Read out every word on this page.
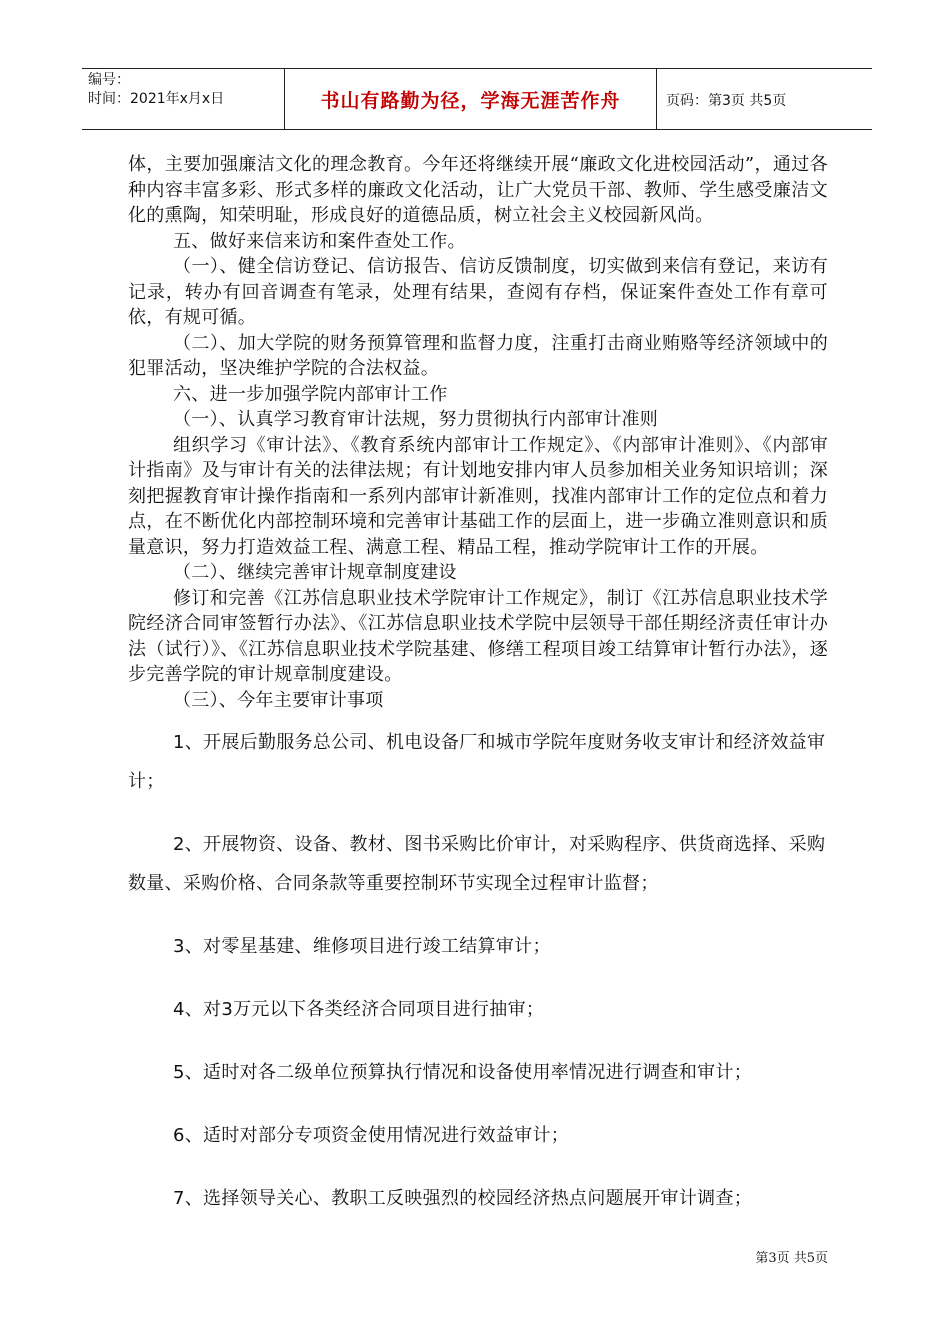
编号：
时间：2021年x月x日	书山有路勤为径，学海无涯苦作舟	页码：第3页 共5页

体，主要加强廉洁文化的理念教育。今年还将继续开展“廉政文化进校园活动”，通过各种内容丰富多彩、形式多样的廉政文化活动，让广大党员干部、教师、学生感受廉洁文化的熏陶，知荣明耻，形成良好的道德品质，树立社会主义校园新风尚。

五、做好来信来访和案件查处工作。

（一）、健全信访登记、信访报告、信访反馈制度，切实做到来信有登记，来访有记录，转办有回音调查有笔录，处理有结果，查阅有存档，保证案件查处工作有章可依，有规可循。

（二）、加大学院的财务预算管理和监督力度，注重打击商业贿赂等经济领域中的犯罪活动，坚决维护学院的合法权益。

六、进一步加强学院内部审计工作

（一）、认真学习教育审计法规，努力贯彻执行内部审计准则

组织学习《审计法》、《教育系统内部审计工作规定》、《内部审计准则》、《内部审计指南》及与审计有关的法律法规；有计划地安排内审人员参加相关业务知识培训；深刻把握教育审计操作指南和一系列内部审计新准则，找准内部审计工作的定位点和着力点，在不断优化内部控制环境和完善审计基础工作的层面上，进一步确立准则意识和质量意识，努力打造效益工程、满意工程、精品工程，推动学院审计工作的开展。

（二）、继续完善审计规章制度建设

修订和完善《江苏信息职业技术学院审计工作规定》，制订《江苏信息职业技术学院经济合同审签暂行办法》、《江苏信息职业技术学院中层领导干部任期经济责任审计办法（试行）》、《江苏信息职业技术学院基建、修缮工程项目竣工结算审计暂行办法》，逐步完善学院的审计规章制度建设。

（三）、今年主要审计事项

1、开展后勤服务总公司、机电设备厂和城市学院年度财务收支审计和经济效益审计；

2、开展物资、设备、教材、图书采购比价审计，对采购程序、供货商选择、采购数量、采购价格、合同条款等重要控制环节实现全过程审计监督；

3、对零星基建、维修项目进行竣工结算审计；

4、对3万元以下各类经济合同项目进行抽审；

5、适时对各二级单位预算执行情况和设备使用率情况进行调查和审计；

6、适时对部分专项资金使用情况进行效益审计；

7、选择领导关心、教职工反映强烈的校园经济热点问题展开审计调查；

第3页 共5页
